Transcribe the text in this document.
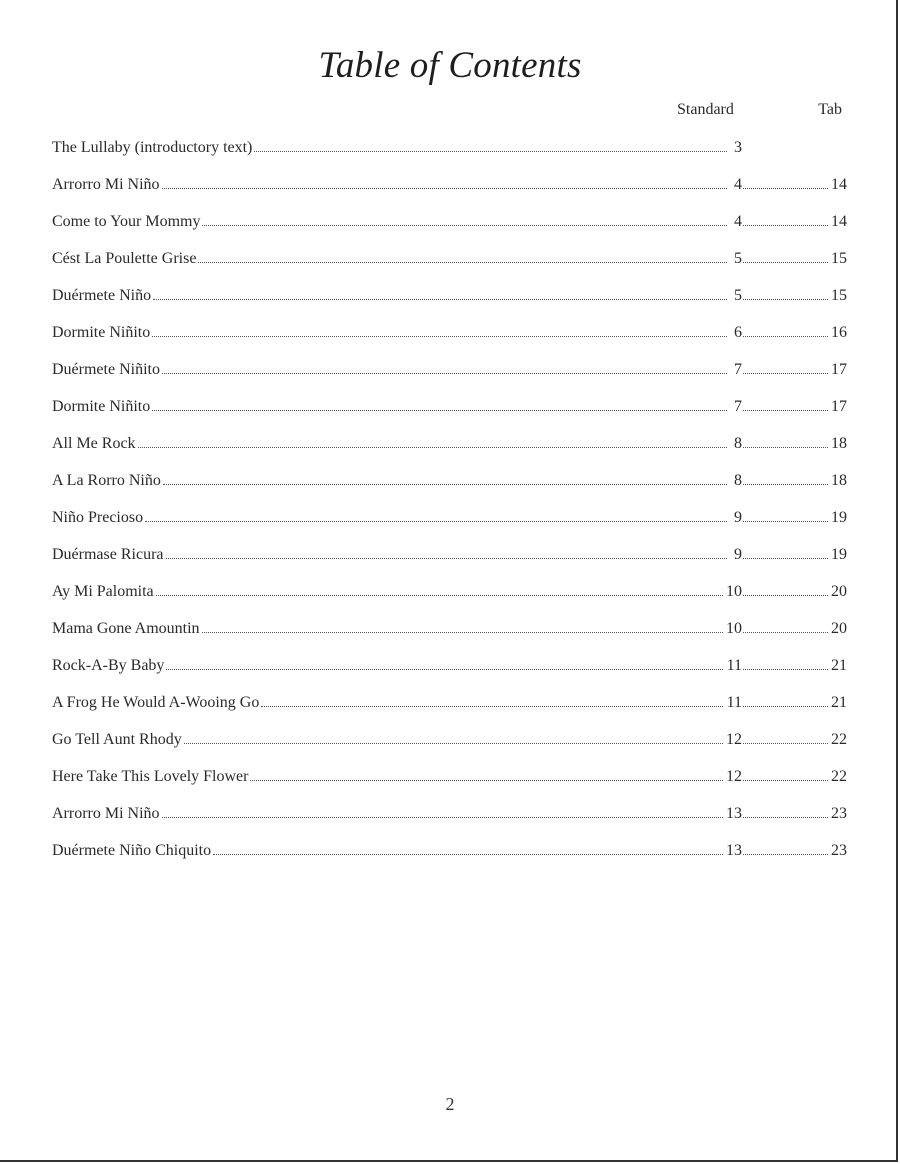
Table of Contents
Standard	Tab
The Lullaby (introductory text)	3
Arrorro Mi Niño	4	14
Come to Your Mommy	4	14
Cést La Poulette Grise	5	15
Duérmete Niño	5	15
Dormite Niñito	6	16
Duérmete Niñito	7	17
Dormite Niñito	7	17
All Me Rock	8	18
A La Rorro Niño	8	18
Niño Precioso	9	19
Duérmase Ricura	9	19
Ay Mi Palomita	10	20
Mama Gone Amountin	10	20
Rock-A-By Baby	11	21
A Frog He Would A-Wooing Go	11	21
Go Tell Aunt Rhody	12	22
Here Take This Lovely Flower	12	22
Arrorro Mi Niño	13	23
Duérmete Niño Chiquito	13	23
2
